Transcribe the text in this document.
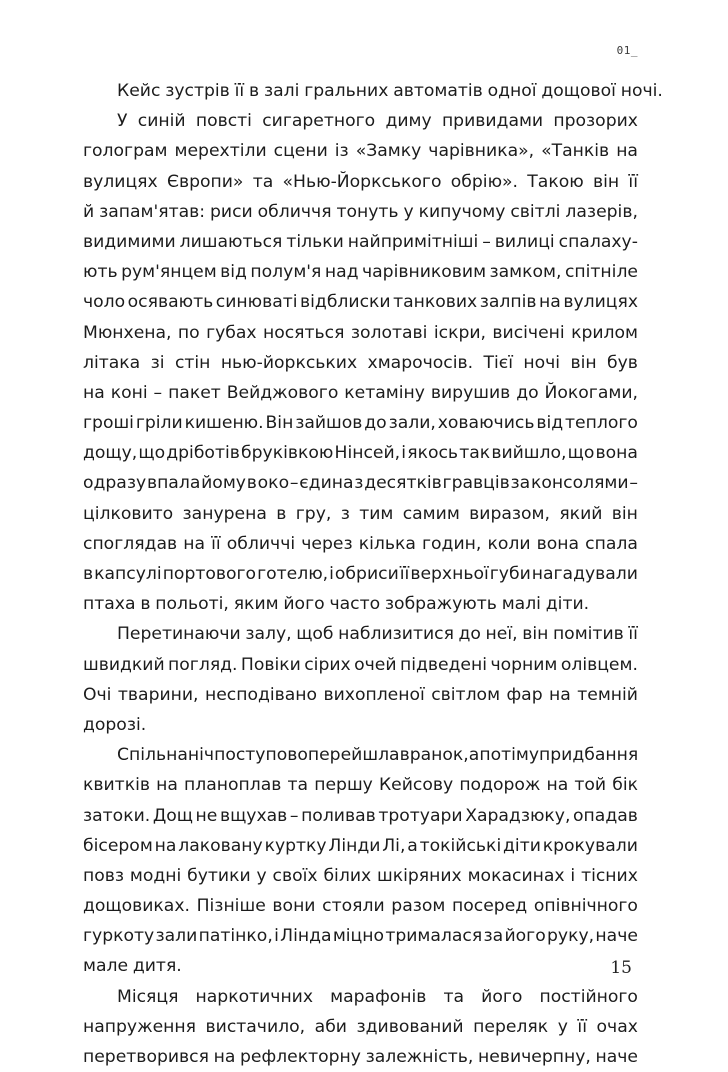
01_
Кейс зустрів її в залі гральних автоматів одної дощової ночі.
У синій повсті сигаретного диму привидами прозорих
голограм мерехтіли сцени із «Замку чарівника», «Танків на
вулицях Європи» та «Нью-Йоркського обрію». Такою він її
й запам'ятав: риси обличчя тонуть у кипучому світлі лазерів,
видимими лишаються тільки найпримітніші – вилиці спалаху-
ють рум'янцем від полум'я над чарівниковим замком, спітніле
чоло осявають синюваті відблиски танкових залпів на вулицях
Мюнхена, по губах носяться золотаві іскри, висічені крилом
літака зі стін нью-йоркських хмарочосів. Тієї ночі він був
на коні – пакет Вейджового кетаміну вирушив до Йокогами,
гроші гріли кишеню. Він зайшов до зали, ховаючись від теплого
дощу, що дріботів бруківкою Нінсей, і якось так вийшло, що вона
одразу впала йому в око – єдина з десятків гравців за консолями –
цілковито занурена в гру, з тим самим виразом, який він
споглядав на її обличчі через кілька годин, коли вона спала
в капсулі портового готелю, і обриси її верхньої губи нагадували
птаха в польоті, яким його часто зображують малі діти.
Перетинаючи залу, щоб наблизитися до неї, він помітив її
швидкий погляд. Повіки сірих очей підведені чорним олівцем.
Очі тварини, несподівано вихопленої світлом фар на темній
дорозі.
Спільна ніч поступово перейшла в ранок, а потім у придбання
квитків на планоплав та першу Кейсову подорож на той бік
затоки. Дощ не вщухав – поливав тротуари Харадзюку, опадав
бісером на лаковану куртку Лінди Лі, а токійські діти крокували
повз модні бутики у своїх білих шкіряних мокасинах і тісних
дощовиках. Пізніше вони стояли разом посеред опівнічного
гуркоту зали патінко, і Лінда міцно трималася за його руку, наче
мале дитя.
Місяця наркотичних марафонів та його постійного
напруження вистачило, аби здивований переляк у її очах
перетворився на рефлекторну залежність, невичерпну, наче
15
